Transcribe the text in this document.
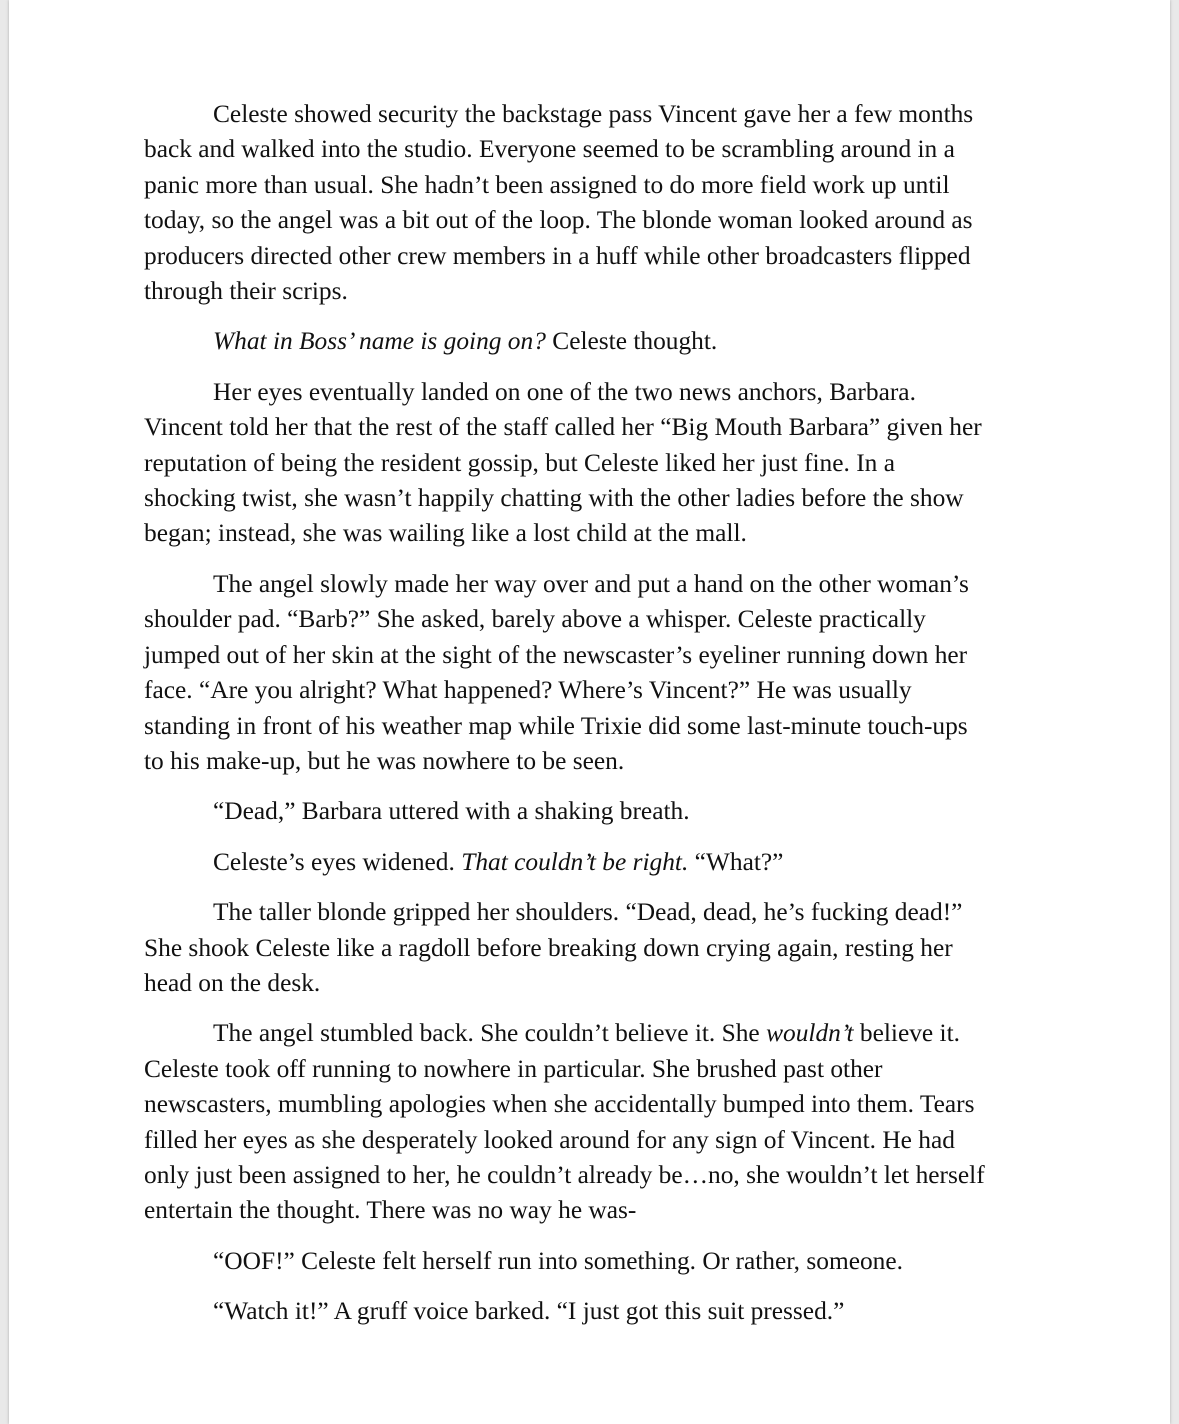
Celeste showed security the backstage pass Vincent gave her a few months
back and walked into the studio. Everyone seemed to be scrambling around in a
panic more than usual. She hadn’t been assigned to do more field work up until
today, so the angel was a bit out of the loop. The blonde woman looked around as
producers directed other crew members in a huff while other broadcasters flipped
through their scrips.
What in Boss’ name is going on? Celeste thought.
Her eyes eventually landed on one of the two news anchors, Barbara.
Vincent told her that the rest of the staff called her “Big Mouth Barbara” given her
reputation of being the resident gossip, but Celeste liked her just fine. In a
shocking twist, she wasn’t happily chatting with the other ladies before the show
began; instead, she was wailing like a lost child at the mall.
The angel slowly made her way over and put a hand on the other woman’s
shoulder pad. “Barb?” She asked, barely above a whisper. Celeste practically
jumped out of her skin at the sight of the newscaster’s eyeliner running down her
face. “Are you alright? What happened? Where’s Vincent?” He was usually
standing in front of his weather map while Trixie did some last-minute touch-ups
to his make-up, but he was nowhere to be seen.
“Dead,” Barbara uttered with a shaking breath.
Celeste’s eyes widened. That couldn’t be right. “What?”
The taller blonde gripped her shoulders. “Dead, dead, he’s fucking dead!”
She shook Celeste like a ragdoll before breaking down crying again, resting her
head on the desk.
The angel stumbled back. She couldn’t believe it. She wouldn’t believe it.
Celeste took off running to nowhere in particular. She brushed past other
newscasters, mumbling apologies when she accidentally bumped into them. Tears
filled her eyes as she desperately looked around for any sign of Vincent. He had
only just been assigned to her, he couldn’t already be…no, she wouldn’t let herself
entertain the thought. There was no way he was-
“OOF!” Celeste felt herself run into something. Or rather, someone.
“Watch it!” A gruff voice barked. “I just got this suit pressed.”
